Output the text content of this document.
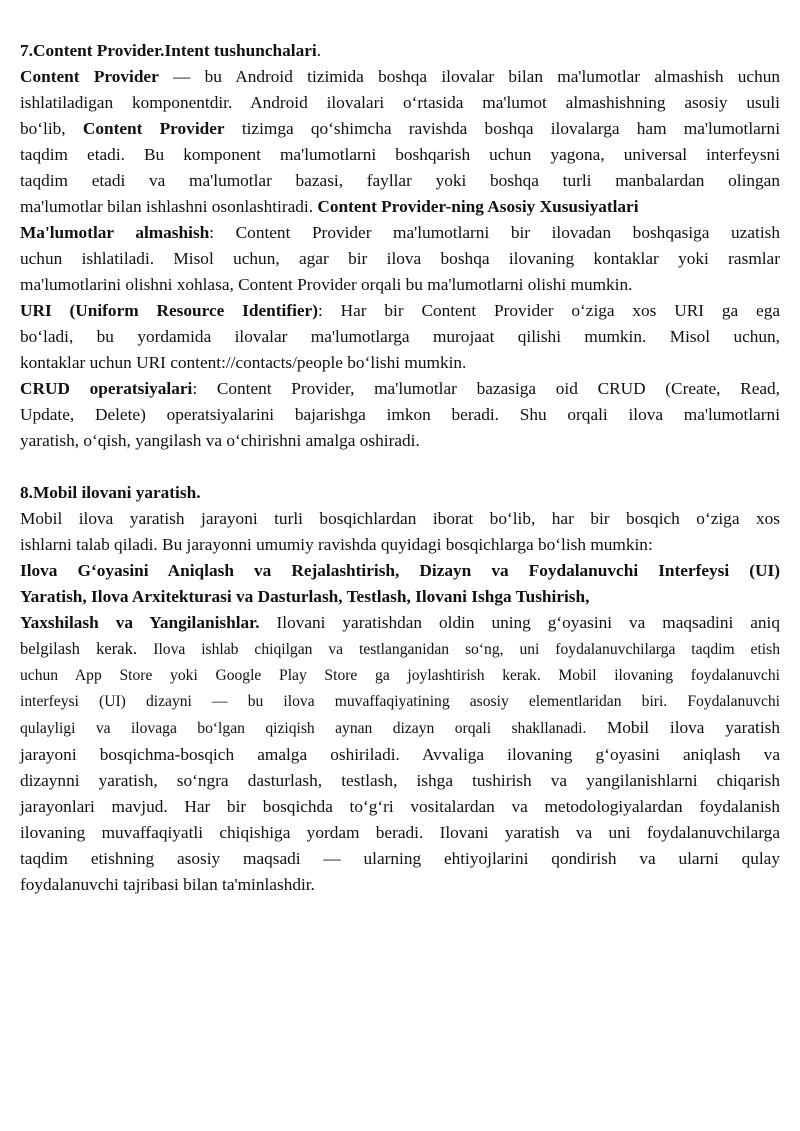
7.Content Provider.Intent tushunchalari.
Content Provider — bu Android tizimida boshqa ilovalar bilan ma'lumotlar almashish uchun
ishlatiladigan komponentdir. Android ilovalari o‘rtasida ma'lumot almashishning asosiy usuli
bo‘lib, Content Provider tizimga qo‘shimcha ravishda boshqa ilovalarga ham ma'lumotlarni
taqdim etadi. Bu komponent ma'lumotlarni boshqarish uchun yagona, universal interfeysni
taqdim etadi va ma'lumotlar bazasi, fayllar yoki boshqa turli manbalardan olingan
ma'lumotlar bilan ishlashni osonlashtiradi. Content Provider-ning Asosiy Xususiyatlari
Ma'lumotlar almashish: Content Provider ma'lumotlarni bir ilovadan boshqasiga uzatish
uchun ishlatiladi. Misol uchun, agar bir ilova boshqa ilovaning kontaklar yoki rasmlar
ma'lumotlarini olishni xohlasa, Content Provider orqali bu ma'lumotlarni olishi mumkin.
URI (Uniform Resource Identifier): Har bir Content Provider o‘ziga xos URI ga ega
bo‘ladi, bu yordamida ilovalar ma'lumotlarga murojaat qilishi mumkin. Misol uchun,
kontaklar uchun URI content://contacts/people bo‘lishi mumkin.
CRUD operatsiyalari: Content Provider, ma'lumotlar bazasiga oid CRUD (Create, Read,
Update, Delete) operatsiyalarini bajarishga imkon beradi. Shu orqali ilova ma'lumotlarni
yaratish, o‘qish, yangilash va o‘chirishni amalga oshiradi.
8.Mobil ilovani yaratish.
Mobil ilova yaratish jarayoni turli bosqichlardan iborat bo‘lib, har bir bosqich o‘ziga xos
ishlarni talab qiladi. Bu jarayonni umumiy ravishda quyidagi bosqichlarga bo‘lish mumkin:
Ilova G‘oyasini Aniqlash va Rejalashtirish, Dizayn va Foydalanuvchi Interfeysi (UI)
Yaratish, Ilova Arxitekturasi va Dasturlash, Testlash, Ilovani Ishga Tushirish,
Yaxshilash va Yangilanishlar. Ilovani yaratishdan oldin uning g‘oyasini va maqsadini aniq
belgilash kerak. Ilova ishlab chiqilgan va testlanganidan so‘ng, uni foydalanuvchilarga taqdim etish
uchun App Store yoki Google Play Store ga joylashtirish kerak. Mobil ilovaning foydalanuvchi
interfeysi (UI) dizayni — bu ilova muvaffaqiyatining asosiy elementlaridan biri. Foydalanuvchi
qulayligi va ilovaga bo‘lgan qiziqish aynan dizayn orqali shakllanadi. Mobil ilova yaratish
jarayoni bosqichma-bosqich amalga oshiriladi. Avvaliga ilovaning g‘oyasini aniqlash va
dizaynni yaratish, so‘ngra dasturlash, testlash, ishga tushirish va yangilanishlarni chiqarish
jarayonlari mavjud. Har bir bosqichda to‘g‘ri vositalardan va metodologiyalardan foydalanish
ilovaning muvaffaqiyatli chiqishiga yordam beradi. Ilovani yaratish va uni foydalanuvchilarga
taqdim etishning asosiy maqsadi — ularning ehtiyojlarini qondirish va ularni qulay
foydalanuvchi tajribasi bilan ta'minlashdir.
